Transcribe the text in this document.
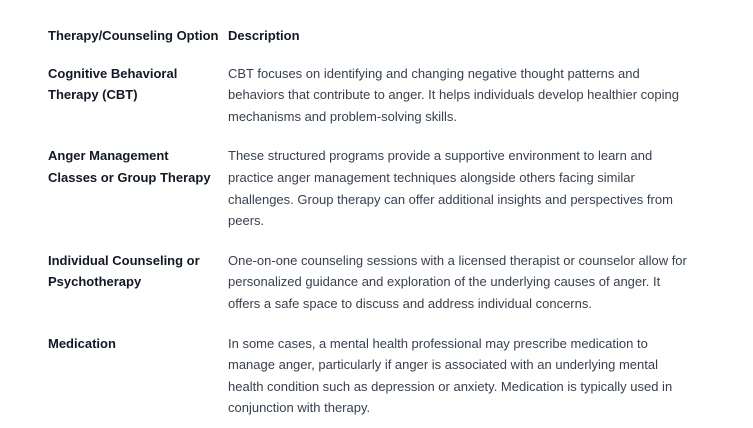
Therapy/Counseling Option	Description
Cognitive Behavioral Therapy (CBT)	CBT focuses on identifying and changing negative thought patterns and behaviors that contribute to anger. It helps individuals develop healthier coping mechanisms and problem-solving skills.
Anger Management Classes or Group Therapy	These structured programs provide a supportive environment to learn and practice anger management techniques alongside others facing similar challenges. Group therapy can offer additional insights and perspectives from peers.
Individual Counseling or Psychotherapy	One-on-one counseling sessions with a licensed therapist or counselor allow for personalized guidance and exploration of the underlying causes of anger. It offers a safe space to discuss and address individual concerns.
Medication	In some cases, a mental health professional may prescribe medication to manage anger, particularly if anger is associated with an underlying mental health condition such as depression or anxiety. Medication is typically used in conjunction with therapy.
